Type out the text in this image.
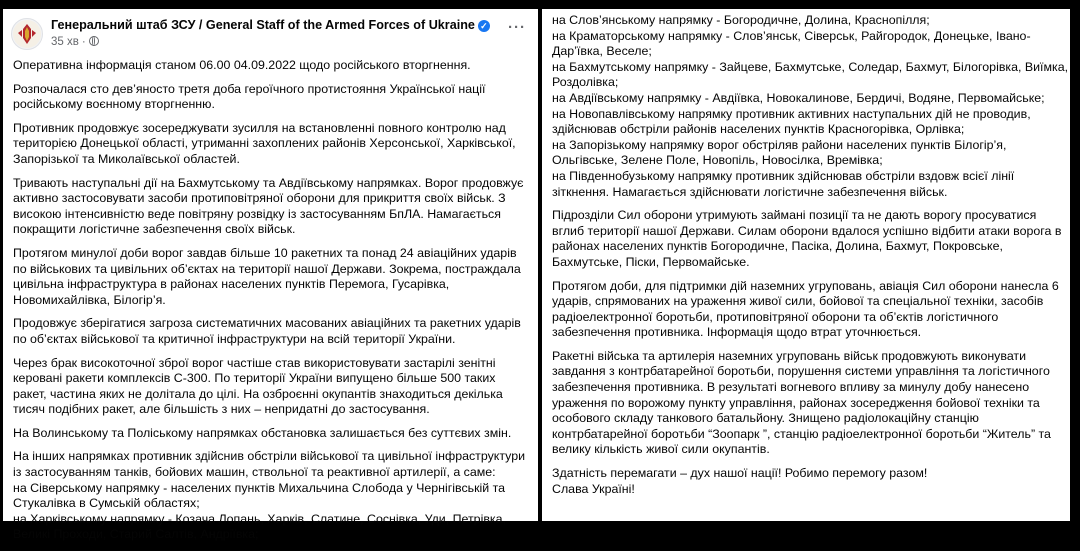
Генеральний штаб ЗСУ / General Staff of the Armed Forces of Ukraine ✓
35 хв ·
···

Оперативна інформація станом 06.00 04.09.2022 щодо російського вторгнення.

Розпочалася сто дев’яносто третя доба героїчного протистояння Української нації
російському воєнному вторгненню.

Противник продовжує зосереджувати зусилля на встановленні повного контролю над
територією Донецької області, утриманні захоплених районів Херсонської, Харківської,
Запорізької та Миколаївської областей.

Тривають наступальні дії на Бахмутському та Авдіївському напрямках. Ворог продовжує
активно застосовувати засоби протиповітряної оборони для прикриття своїх військ. З
високою інтенсивністю веде повітряну розвідку із застосуванням БпЛА. Намагається
покращити логістичне забезпечення своїх військ.

Протягом минулої доби ворог завдав більше 10 ракетних та понад 24 авіаційних ударів
по військових та цивільних об’єктах на території нашої Держави. Зокрема, постраждала
цивільна інфраструктура в районах населених пунктів Перемога, Гусарівка,
Новомихайлівка, Білогір’я.

Продовжує зберігатися загроза систематичних масованих авіаційних та ракетних ударів
по об’єктах військової та критичної інфраструктури на всій території України.

Через брак високоточної зброї ворог частіше став використовувати застарілі зенітні
керовані ракети комплексів С-300. По території України випущено більше 500 таких
ракет, частина яких не долітала до цілі. На озброєнні окупантів знаходиться декілька
тисяч подібних ракет, але більшість з них – непридатні до застосування.

На Волинському та Поліському напрямках обстановка залишається без суттєвих змін.

На інших напрямках противник здійснив обстріли військової та цивільної інфраструктури
із застосуванням танків, бойових машин, ствольної та реактивної артилерії, а саме:
на Сіверському напрямку - населених пунктів Михальчина Слобода у Чернігівській та
Стукалівка в Сумській областях;
на Харківському напрямку - Козача Лопань, Харків, Слатине, Соснівка, Уди, Петрівка,
Великі Проходи, Старий Салтів, Андріївка;

на Слов’янському напрямку - Богородичне, Долина, Краснопілля;
на Краматорському напрямку - Слов’янськ, Сіверськ, Райгородок, Донецьке, Івано-
Дар’ївка, Веселе;
на Бахмутському напрямку - Зайцеве, Бахмутське, Соледар, Бахмут, Білогорівка, Виїмка,
Роздолівка;
на Авдіївському напрямку - Авдіївка, Новокалинове, Бердичі, Водяне, Первомайське;
на Новопавлівському напрямку противник активних наступальних дій не проводив,
здійснював обстріли районів населених пунктів Красногорівка, Орлівка;
на Запорізькому напрямку ворог обстріляв райони населених пунктів Білогір’я,
Ольгівське, Зелене Поле, Новопіль, Новосілка, Времівка;
на Південнобузькому напрямку противник здійснював обстріли вздовж всієї лінії
зіткнення. Намагається здійснювати логістичне забезпечення військ.

Підрозділи Сил оборони утримують займані позиції та не дають ворогу просуватися
вглиб території нашої Держави. Силам оборони вдалося успішно відбити атаки ворога в
районах населених пунктів Богородичне, Пасіка, Долина, Бахмут, Покровське,
Бахмутське, Піски, Первомайське.

Протягом доби, для підтримки дій наземних угруповань, авіація Сил оборони нанесла 6
ударів, спрямованих на ураження живої сили, бойової та спеціальної техніки, засобів
радіоелектронної боротьби, протиповітряної оборони та об’єктів логістичного
забезпечення противника. Інформація щодо втрат уточнюється.

Ракетні війська та артилерія наземних угруповань військ продовжують виконувати
завдання з контрбатарейної боротьби, порушення системи управління та логістичного
забезпечення противника. В результаті вогневого впливу за минулу добу нанесено
ураження по ворожому пункту управління, районах зосередження бойової техніки та
особового складу танкового батальйону. Знищено радіолокаційну станцію
контрбатарейної боротьби “Зоопарк ”, станцію радіоелектронної боротьби “Житель” та
велику кількість живої сили окупантів.

Здатність перемагати – дух нашої нації! Робимо перемогу разом!
Слава Україні!
